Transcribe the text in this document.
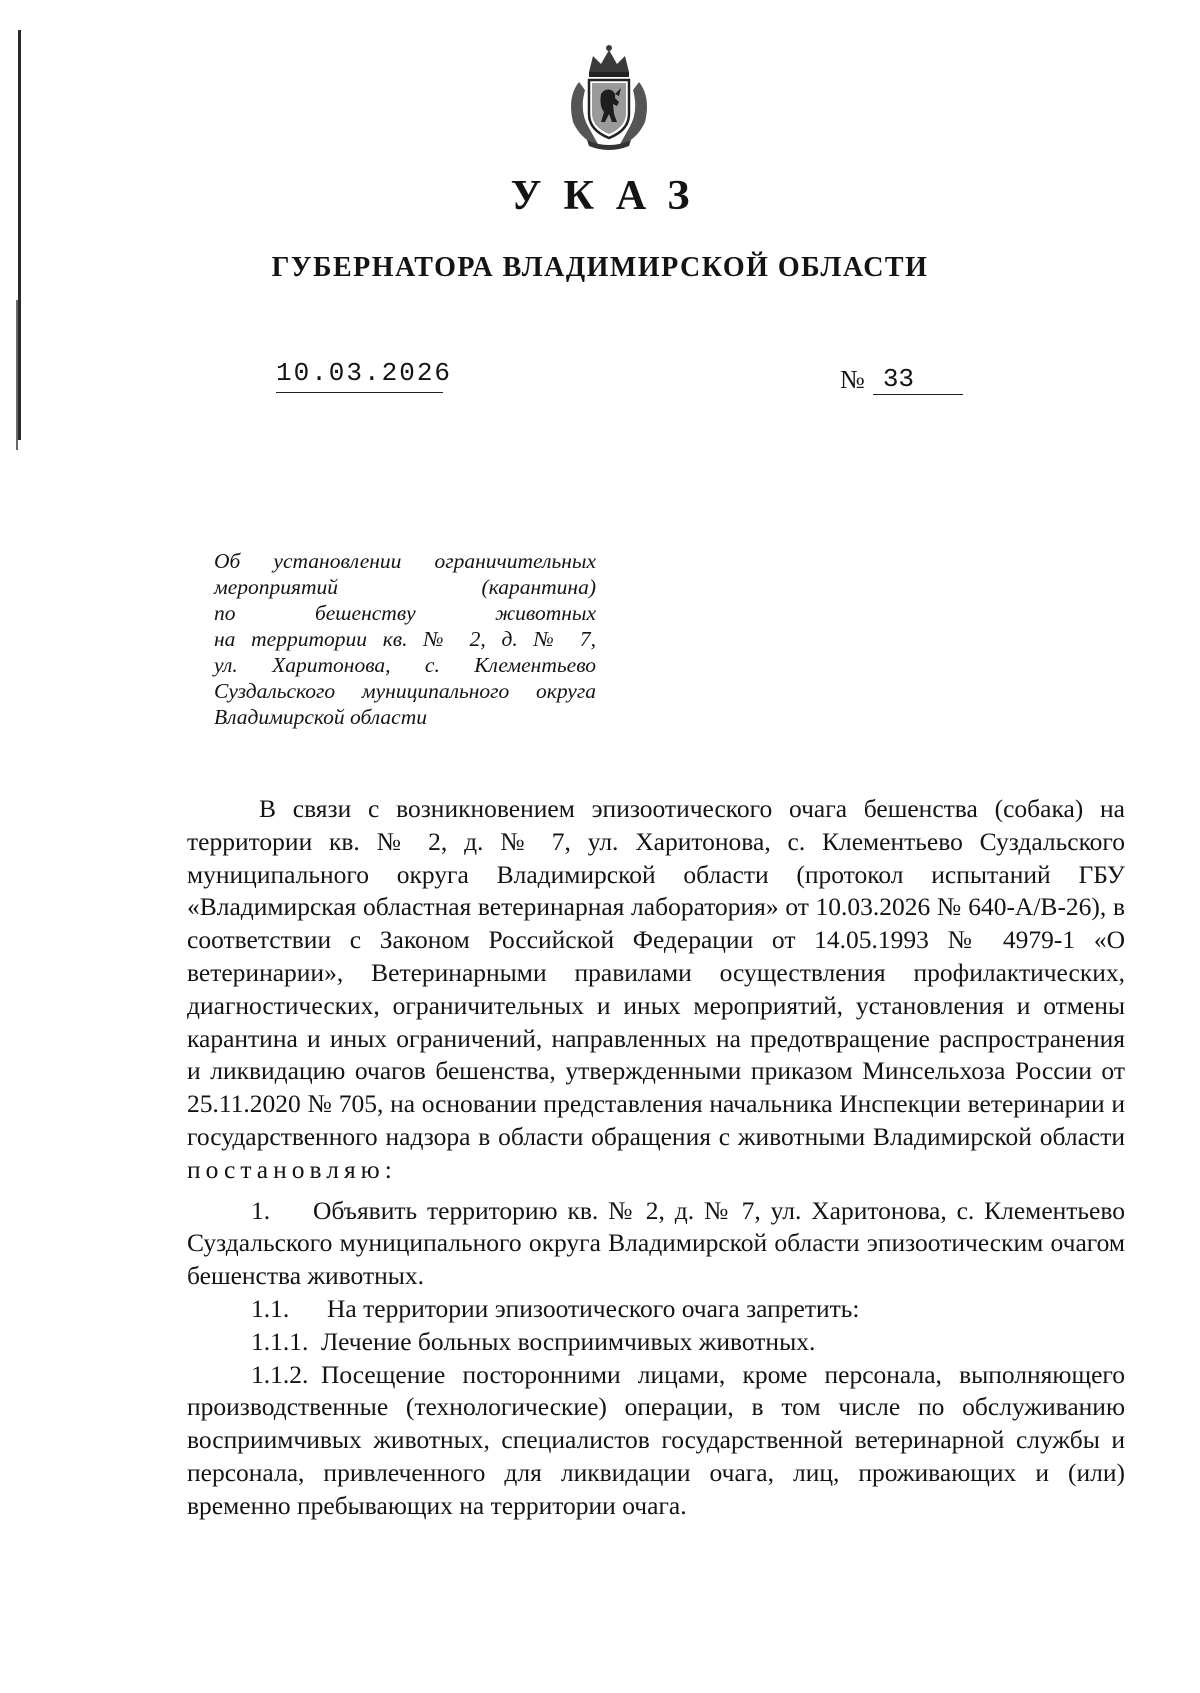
УКАЗ
ГУБЕРНАТОРА ВЛАДИМИРСКОЙ ОБЛАСТИ
10.03.2026	№ 33
Об установлении ограничительных
мероприятий (карантина)
по бешенству животных
на территории кв. № 2, д. № 7,
ул. Харитонова, с. Клементьево
Суздальского муниципального округа
Владимирской области

В связи с возникновением эпизоотического очага бешенства (собака) на территории кв. № 2, д. № 7, ул. Харитонова, с. Клементьево Суздальского муниципального округа Владимирской области (протокол испытаний ГБУ «Владимирская областная ветеринарная лаборатория» от 10.03.2026 № 640-А/В-26), в соответствии с Законом Российской Федерации от 14.05.1993 № 4979-1 «О ветеринарии», Ветеринарными правилами осуществления профилактических, диагностических, ограничительных и иных мероприятий, установления и отмены карантина и иных ограничений, направленных на предотвращение распространения и ликвидацию очагов бешенства, утвержденными приказом Минсельхоза России от 25.11.2020 № 705, на основании представления начальника Инспекции ветеринарии и государственного надзора в области обращения с животными Владимирской области постановляю:

1. Объявить территорию кв. № 2, д. № 7, ул. Харитонова, с. Клементьево Суздальского муниципального округа Владимирской области эпизоотическим очагом бешенства животных.

1.1. На территории эпизоотического очага запретить:

1.1.1. Лечение больных восприимчивых животных.

1.1.2. Посещение посторонними лицами, кроме персонала, выполняющего производственные (технологические) операции, в том числе по обслуживанию восприимчивых животных, специалистов государственной ветеринарной службы и персонала, привлеченного для ликвидации очага, лиц, проживающих и (или) временно пребывающих на территории очага.
